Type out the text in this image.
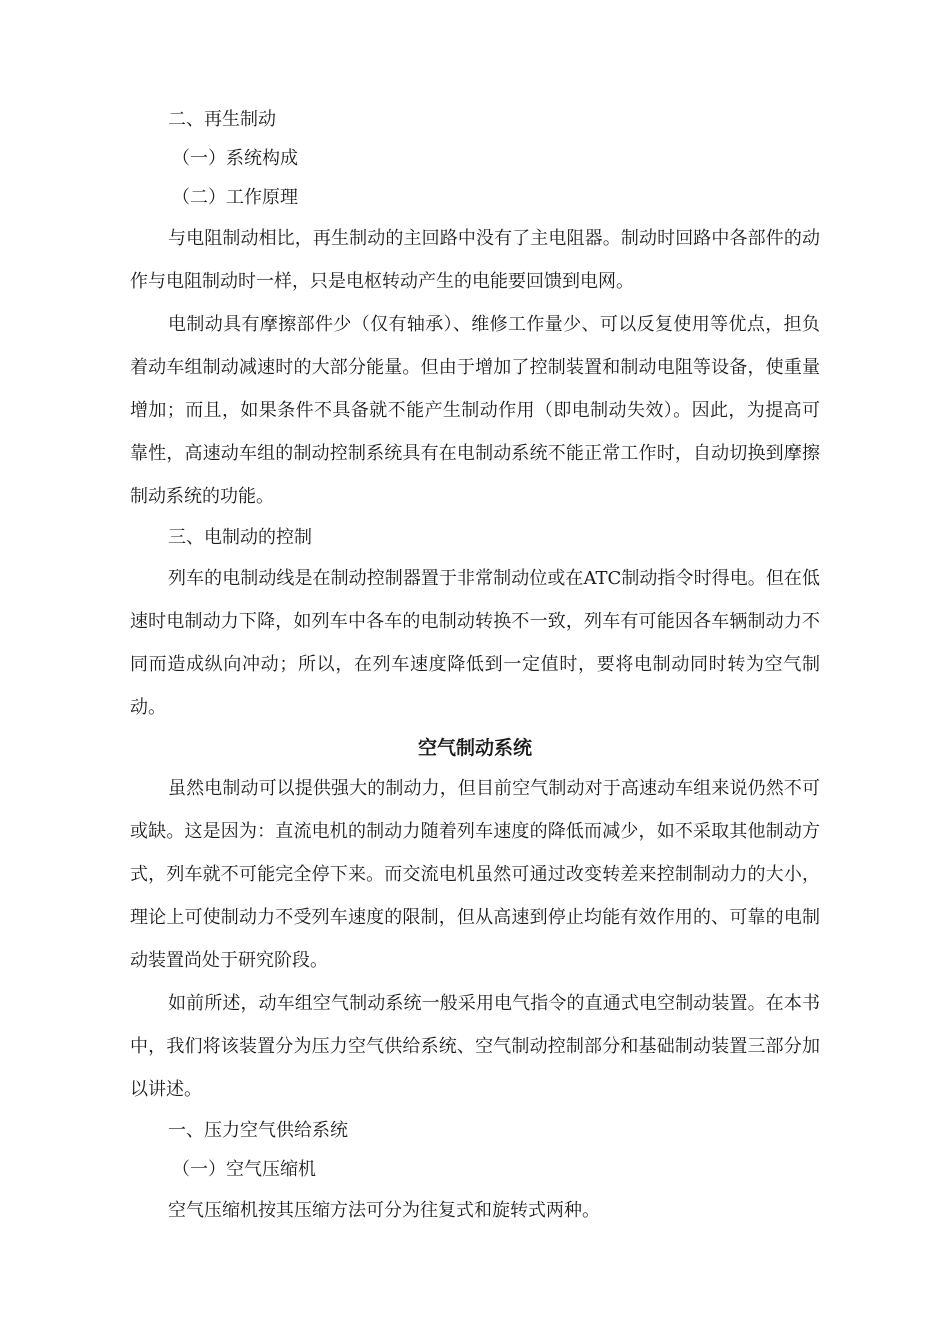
二、再生制动

（一）系统构成

（二）工作原理

与电阻制动相比，再生制动的主回路中没有了主电阻器。制动时回路中各部件的动作与电阻制动时一样，只是电枢转动产生的电能要回馈到电网。

电制动具有摩擦部件少（仅有轴承）、维修工作量少、可以反复使用等优点，担负着动车组制动减速时的大部分能量。但由于增加了控制装置和制动电阻等设备，使重量增加；而且，如果条件不具备就不能产生制动作用（即电制动失效）。因此，为提高可靠性，高速动车组的制动控制系统具有在电制动系统不能正常工作时，自动切换到摩擦制动系统的功能。

三、电制动的控制

列车的电制动线是在制动控制器置于非常制动位或在ATC制动指令时得电。但在低速时电制动力下降，如列车中各车的电制动转换不一致，列车有可能因各车辆制动力不同而造成纵向冲动；所以，在列车速度降低到一定值时，要将电制动同时转为空气制动。

空气制动系统

虽然电制动可以提供强大的制动力，但目前空气制动对于高速动车组来说仍然不可或缺。这是因为：直流电机的制动力随着列车速度的降低而减少，如不采取其他制动方式，列车就不可能完全停下来。而交流电机虽然可通过改变转差来控制制动力的大小，理论上可使制动力不受列车速度的限制，但从高速到停止均能有效作用的、可靠的电制动装置尚处于研究阶段。

如前所述，动车组空气制动系统一般采用电气指令的直通式电空制动装置。在本书中，我们将该装置分为压力空气供给系统、空气制动控制部分和基础制动装置三部分加以讲述。

一、压力空气供给系统

（一）空气压缩机

空气压缩机按其压缩方法可分为往复式和旋转式两种。
